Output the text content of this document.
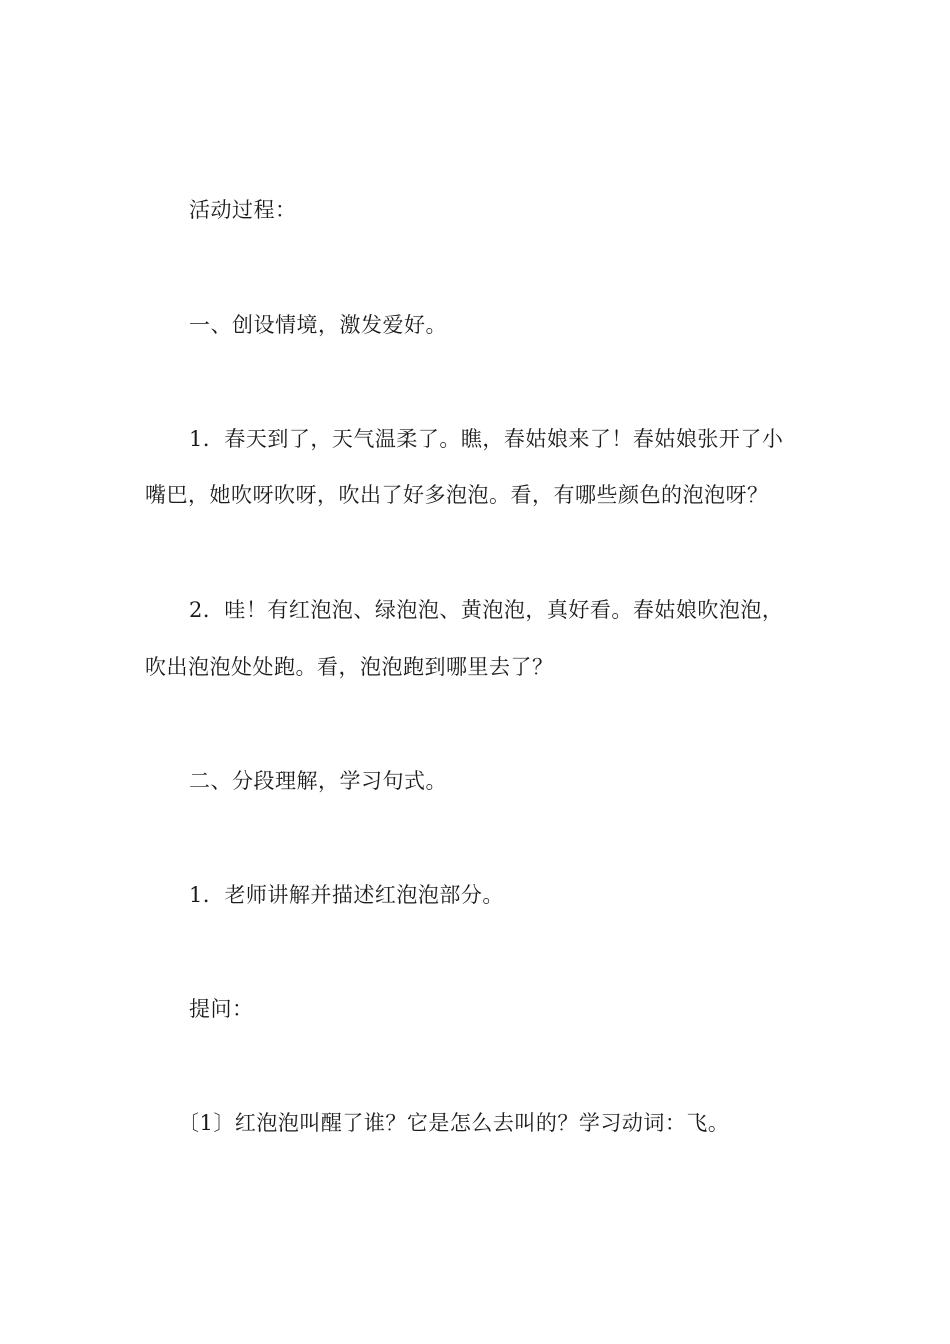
活动过程：
一、创设情境，激发爱好。
1．春天到了，天气温柔了。瞧，春姑娘来了！春姑娘张开了小
嘴巴，她吹呀吹呀，吹出了好多泡泡。看，有哪些颜色的泡泡呀？
2．哇！有红泡泡、绿泡泡、黄泡泡，真好看。春姑娘吹泡泡，
吹出泡泡处处跑。看，泡泡跑到哪里去了？
二、分段理解，学习句式。
1．老师讲解并描述红泡泡部分。
提问：
〔1〕红泡泡叫醒了谁？它是怎么去叫的？学习动词：飞。
